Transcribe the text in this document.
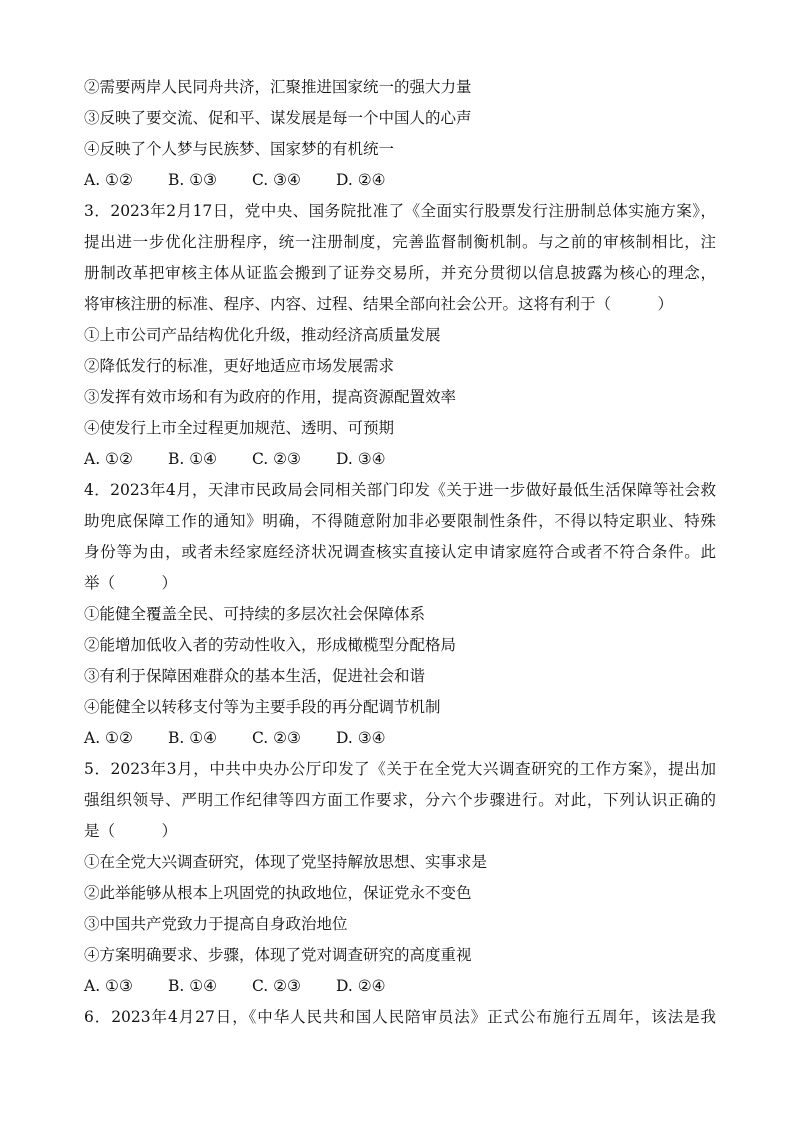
②需要两岸人民同舟共济，汇聚推进国家统一的强大力量
③反映了要交流、促和平、谋发展是每一个中国人的心声
④反映了个人梦与民族梦、国家梦的有机统一
A. ①②	B. ①③	C. ③④	D. ②④
3．2023年2月17日，党中央、国务院批准了《全面实行股票发行注册制总体实施方案》，
提出进一步优化注册程序，统一注册制度，完善监督制衡机制。与之前的审核制相比，注
册制改革把审核主体从证监会搬到了证券交易所，并充分贯彻以信息披露为核心的理念，
将审核注册的标准、程序、内容、过程、结果全部向社会公开。这将有利于（　　　）
①上市公司产品结构优化升级，推动经济高质量发展
②降低发行的标准，更好地适应市场发展需求
③发挥有效市场和有为政府的作用，提高资源配置效率
④使发行上市全过程更加规范、透明、可预期
A. ①②	B. ①④	C. ②③	D. ③④
4．2023年4月，天津市民政局会同相关部门印发《关于进一步做好最低生活保障等社会救
助兜底保障工作的通知》明确，不得随意附加非必要限制性条件，不得以特定职业、特殊
身份等为由，或者未经家庭经济状况调查核实直接认定申请家庭符合或者不符合条件。此
举（　　　）
①能健全覆盖全民、可持续的多层次社会保障体系
②能增加低收入者的劳动性收入，形成橄榄型分配格局
③有利于保障困难群众的基本生活，促进社会和谐
④能健全以转移支付等为主要手段的再分配调节机制
A. ①②	B. ①④	C. ②③	D. ③④
5．2023年3月，中共中央办公厅印发了《关于在全党大兴调查研究的工作方案》，提出加
强组织领导、严明工作纪律等四方面工作要求，分六个步骤进行。对此，下列认识正确的
是（　　　）
①在全党大兴调查研究，体现了党坚持解放思想、实事求是
②此举能够从根本上巩固党的执政地位，保证党永不变色
③中国共产党致力于提高自身政治地位
④方案明确要求、步骤，体现了党对调查研究的高度重视
A. ①③	B. ①④	C. ②③	D. ②④
6．2023年4月27日，《中华人民共和国人民陪审员法》正式公布施行五周年，该法是我
